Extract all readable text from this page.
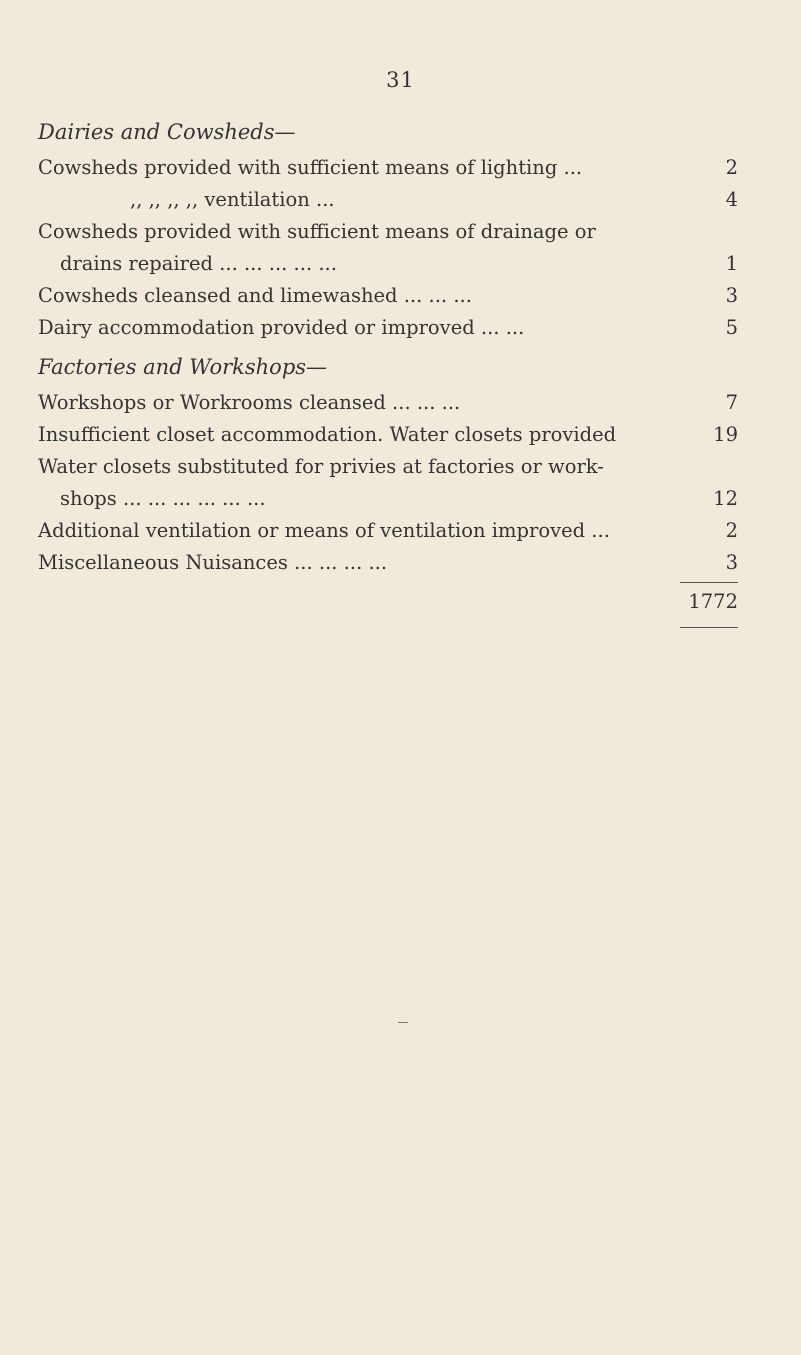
31
Dairies and Cowsheds—
Cowsheds provided with sufficient means of lighting ...	2
,, ,, ,, ,, ventilation ...	4
Cowsheds provided with sufficient means of drainage or
drains repaired ... ... ... ... ...	1
Cowsheds cleansed and limewashed ... ... ...	3
Dairy accommodation provided or improved ... ...	5
Factories and Workshops—
Workshops or Workrooms cleansed ... ... ...	7
Insufficient closet accommodation. Water closets provided	19
Water closets substituted for privies at factories or work-
shops ... ... ... ... ... ...	12
Additional ventilation or means of ventilation improved ...	2
Miscellaneous Nuisances ... ... ... ...	3
1772
